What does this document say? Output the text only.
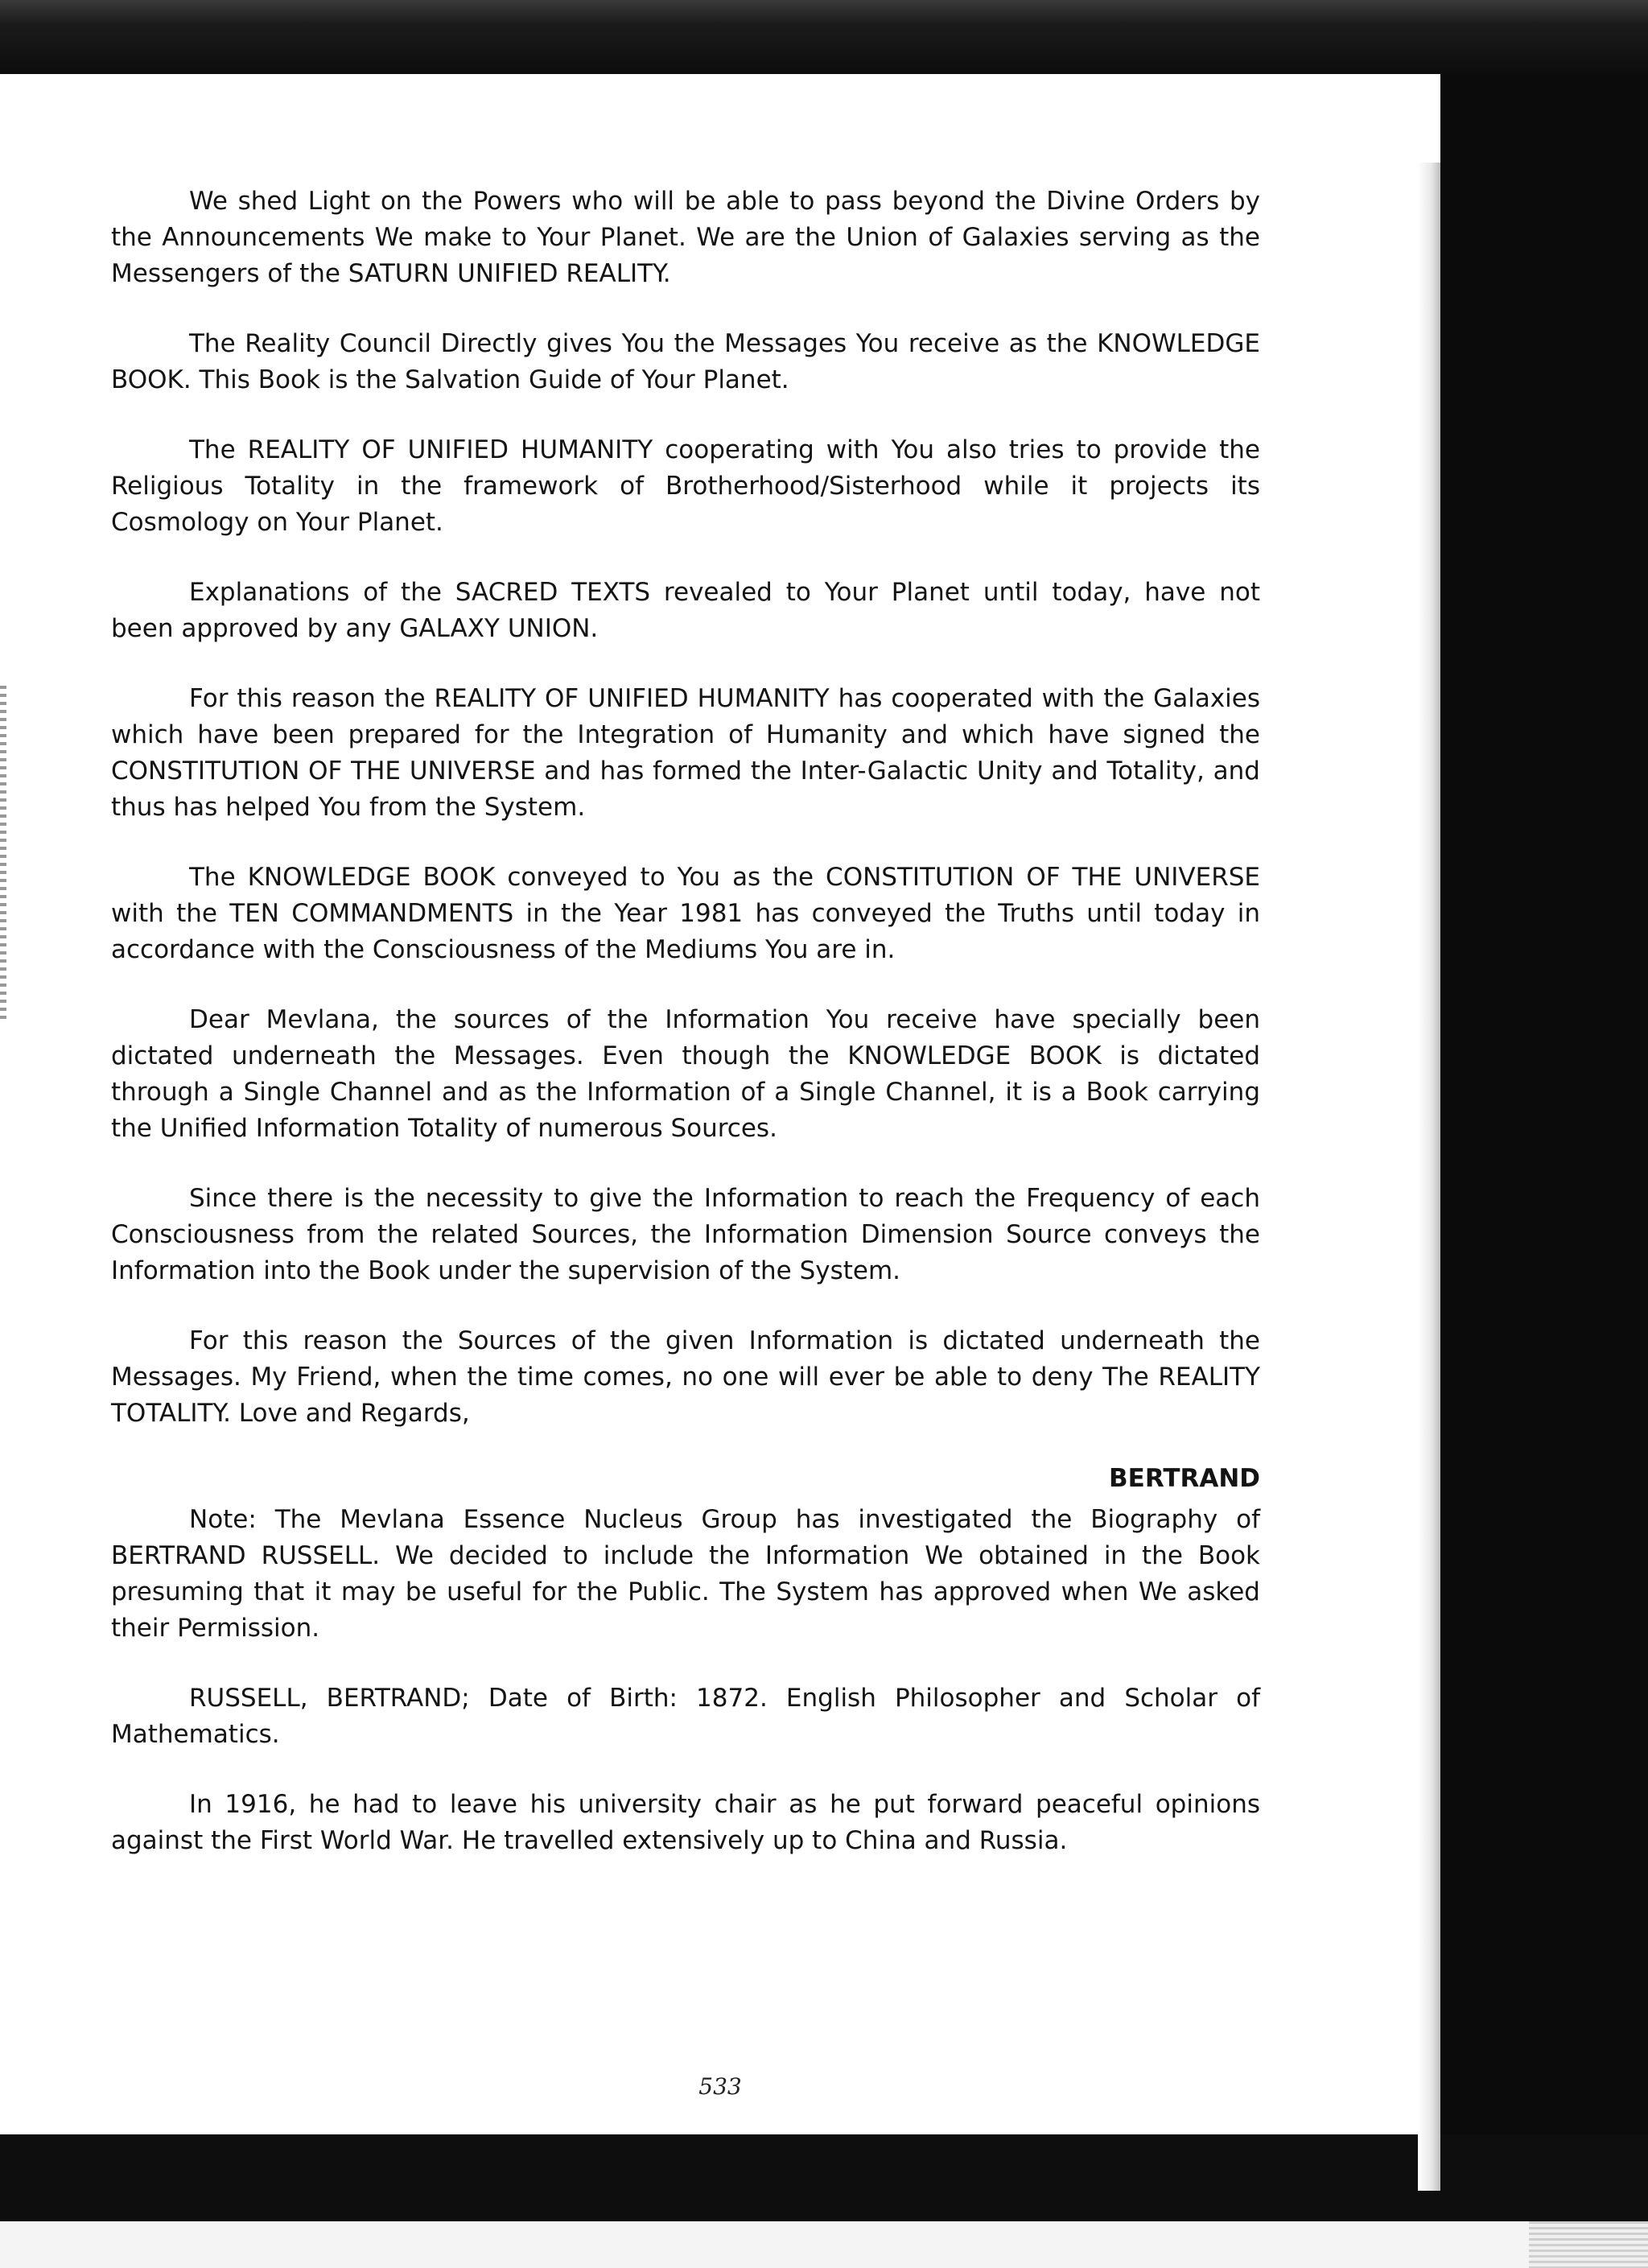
533

We shed Light on the Powers who will be able to pass beyond the Divine Orders by the Announcements We make to Your Planet. We are the Union of Galaxies serving as the Messengers of the SATURN UNIFIED REALITY.

The Reality Council Directly gives You the Messages You receive as the KNOWLEDGE BOOK. This Book is the Salvation Guide of Your Planet.

The REALITY OF UNIFIED HUMANITY cooperating with You also tries to provide the Religious Totality in the framework of Brotherhood/Sisterhood while it projects its Cosmology on Your Planet.

Explanations of the SACRED TEXTS revealed to Your Planet until today, have not been approved by any GALAXY UNION.

For this reason the REALITY OF UNIFIED HUMANITY has cooperated with the Galaxies which have been prepared for the Integration of Humanity and which have signed the CONSTITUTION OF THE UNIVERSE and has formed the Inter-Galactic Unity and Totality, and thus has helped You from the System.

The KNOWLEDGE BOOK conveyed to You as the CONSTITUTION OF THE UNIVERSE with the TEN COMMANDMENTS in the Year 1981 has conveyed the Truths until today in accordance with the Consciousness of the Mediums You are in.

Dear Mevlana, the sources of the Information You receive have specially been dictated underneath the Messages. Even though the KNOWLEDGE BOOK is dictated through a Single Channel and as the Information of a Single Channel, it is a Book carrying the Unified Information Totality of numerous Sources.

Since there is the necessity to give the Information to reach the Frequency of each Consciousness from the related Sources, the Information Dimension Source conveys the Information into the Book under the supervision of the System.

For this reason the Sources of the given Information is dictated underneath the Messages. My Friend, when the time comes, no one will ever be able to deny The REALITY TOTALITY. Love and Regards,

BERTRAND

Note: The Mevlana Essence Nucleus Group has investigated the Biography of BERTRAND RUSSELL. We decided to include the Information We obtained in the Book presuming that it may be useful for the Public. The System has approved when We asked their Permission.

RUSSELL, BERTRAND; Date of Birth: 1872. English Philosopher and Scholar of Mathematics.

In 1916, he had to leave his university chair as he put forward peaceful opinions against the First World War. He travelled extensively up to China and Russia.
